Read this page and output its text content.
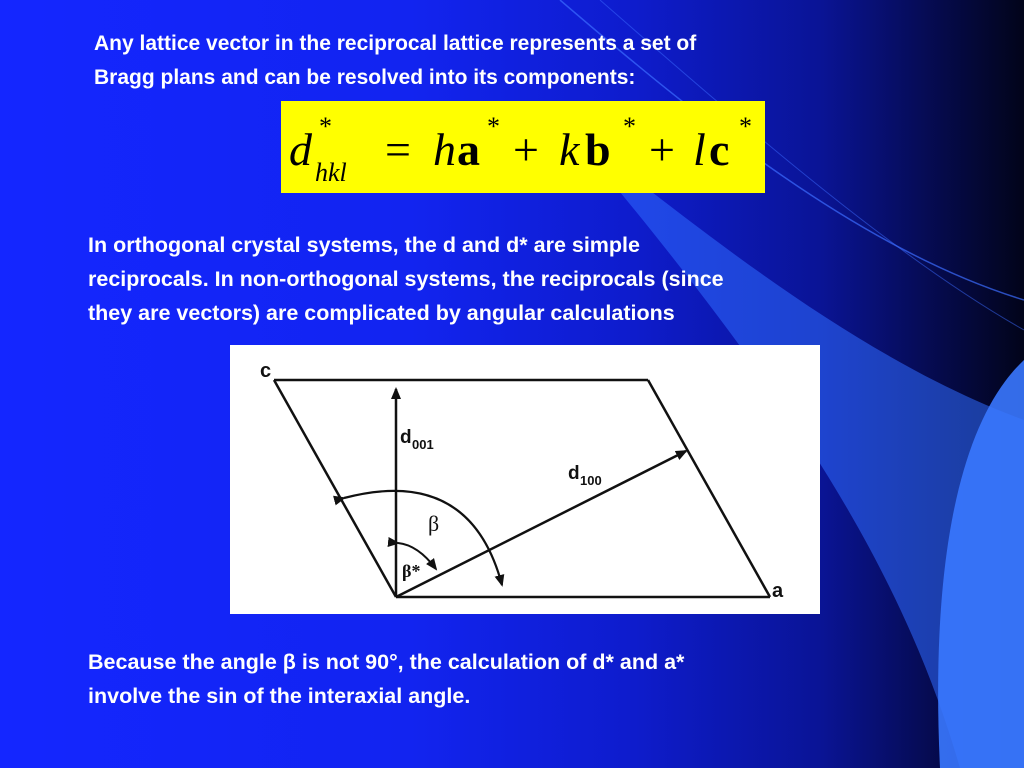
Any lattice vector in the reciprocal lattice represents a set of
Bragg plans and can be resolved into its components:
d *
hkl = h a * + k b * + l c *
In orthogonal crystal systems, the d and d* are simple
reciprocals. In non-orthogonal systems, the reciprocals (since
they are vectors) are complicated by angular calculations
c
a
d 001
d 100
β
β*
Because the angle β is not 90°, the calculation of d* and a*
involve the sin of the interaxial angle.
